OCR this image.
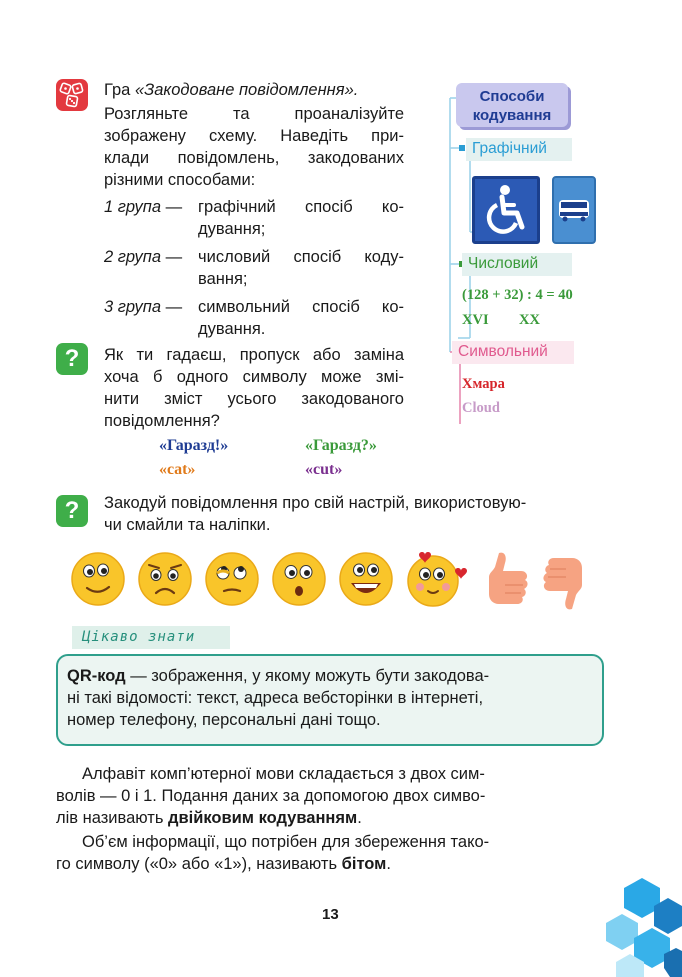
Гра «Закодоване повідомлення».
Розгляньте та проаналізуйте
зображену схему. Наведіть при-
клади повідомлень, закодованих
різними способами:
1 група — графічний спосіб ко-
дування;
2 група — числовий спосіб коду-
вання;
3 група — символьний спосіб ко-
дування.
Способи
кодування
Графічний
Числовий
(128 + 32) : 4 = 40
XVI XX
Символьний
Хмара
Cloud
?	Як ти гадаєш, пропуск або заміна
хоча б одного символу може змі-
нити зміст усього закодованого
повідомлення?
«Гаразд!»	«Гаразд?»
«cat»	«cut»
?	Закодуй повідомлення про свій настрій, використовую-
чи смайли та наліпки.
Цікаво знати
QR-код — зображення, у якому можуть бути закодова-
ні такі відомості: текст, адреса вебсторінки в інтернеті,
номер телефону, персональні дані тощо.
Алфавіт комп’ютерної мови складається з двох сим-
волів — 0 і 1. Подання даних за допомогою двох симво-
лів називають двійковим кодуванням.
Об’єм інформації, що потрібен для збереження тако-
го символу («0» або «1»), називають бітом.
13
